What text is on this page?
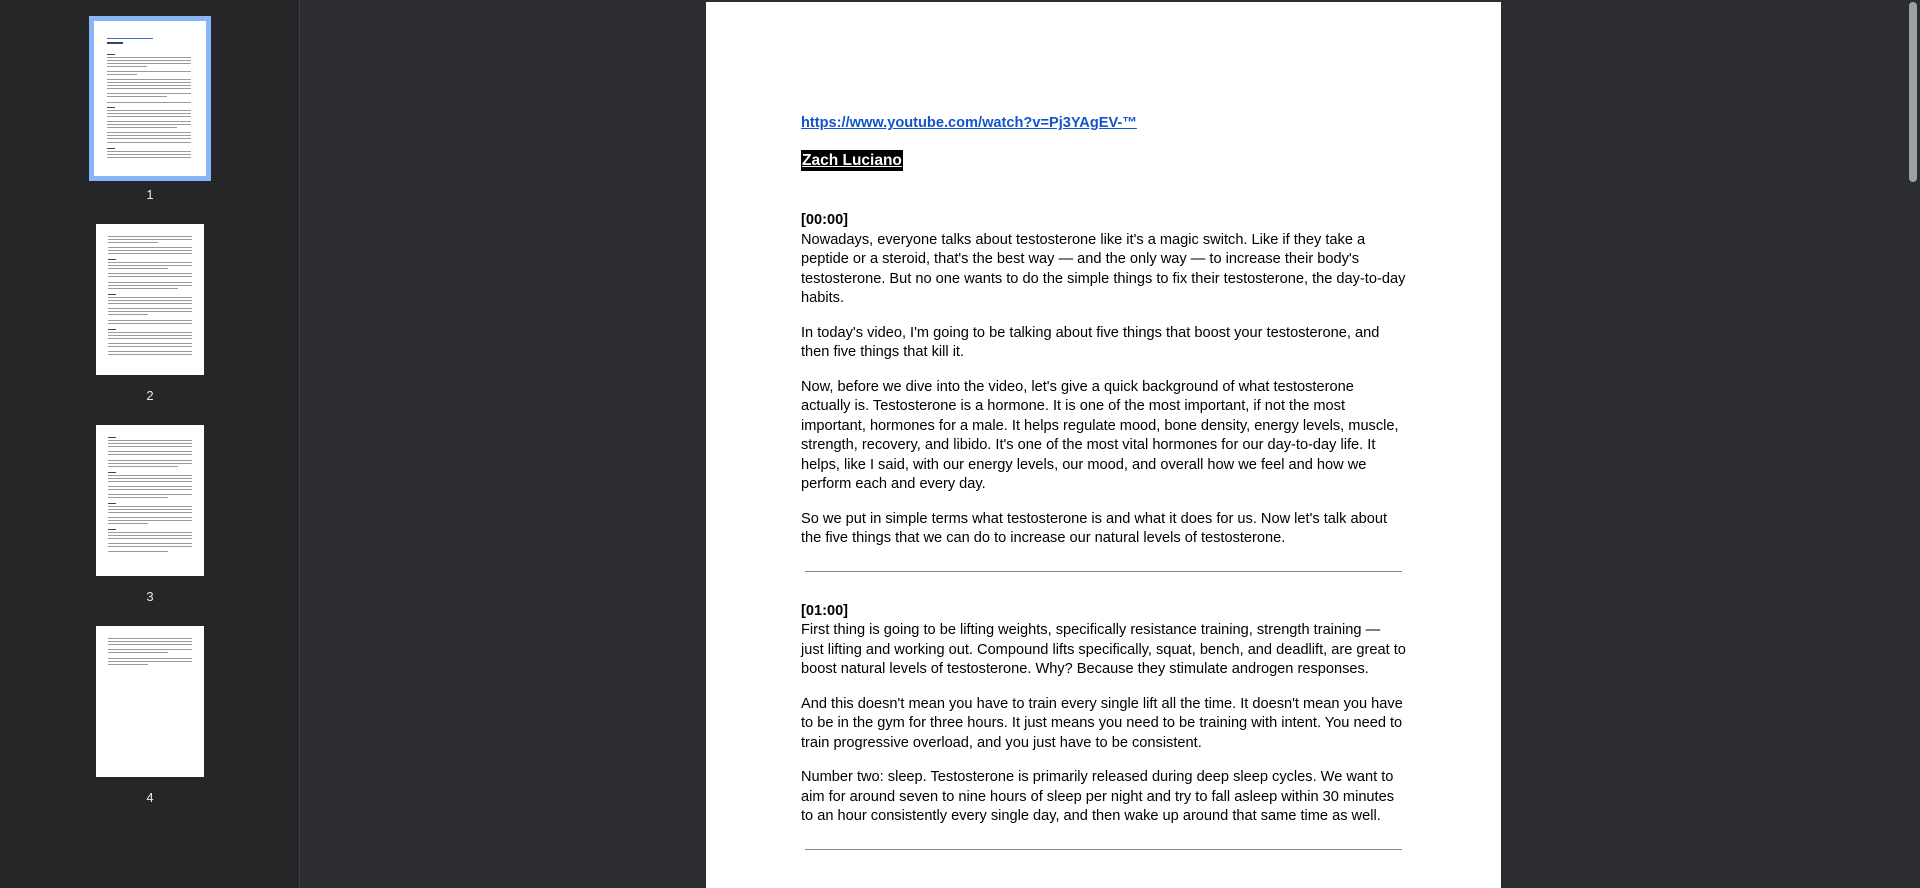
1
2
3
4
https://www.youtube.com/watch?v=Pj3YAgEV-™
Zach Luciano
[00:00]

Nowadays, everyone talks about testosterone like it's a magic switch. Like if they take a peptide or a steroid, that's the best way — and the only way — to increase their body's testosterone. But no one wants to do the simple things to fix their testosterone, the day-to-day habits.

In today's video, I'm going to be talking about five things that boost your testosterone, and then five things that kill it.

Now, before we dive into the video, let's give a quick background of what testosterone actually is. Testosterone is a hormone. It is one of the most important, if not the most important, hormones for a male. It helps regulate mood, bone density, energy levels, muscle, strength, recovery, and libido. It's one of the most vital hormones for our day-to-day life. It helps, like I said, with our energy levels, our mood, and overall how we feel and how we perform each and every day.

So we put in simple terms what testosterone is and what it does for us. Now let's talk about the five things that we can do to increase our natural levels of testosterone.

[01:00]

First thing is going to be lifting weights, specifically resistance training, strength training — just lifting and working out. Compound lifts specifically, squat, bench, and deadlift, are great to boost natural levels of testosterone. Why? Because they stimulate androgen responses.

And this doesn't mean you have to train every single lift all the time. It doesn't mean you have to be in the gym for three hours. It just means you need to be training with intent. You need to train progressive overload, and you just have to be consistent.

Number two: sleep. Testosterone is primarily released during deep sleep cycles. We want to aim for around seven to nine hours of sleep per night and try to fall asleep within 30 minutes to an hour consistently every single day, and then wake up around that same time as well.
